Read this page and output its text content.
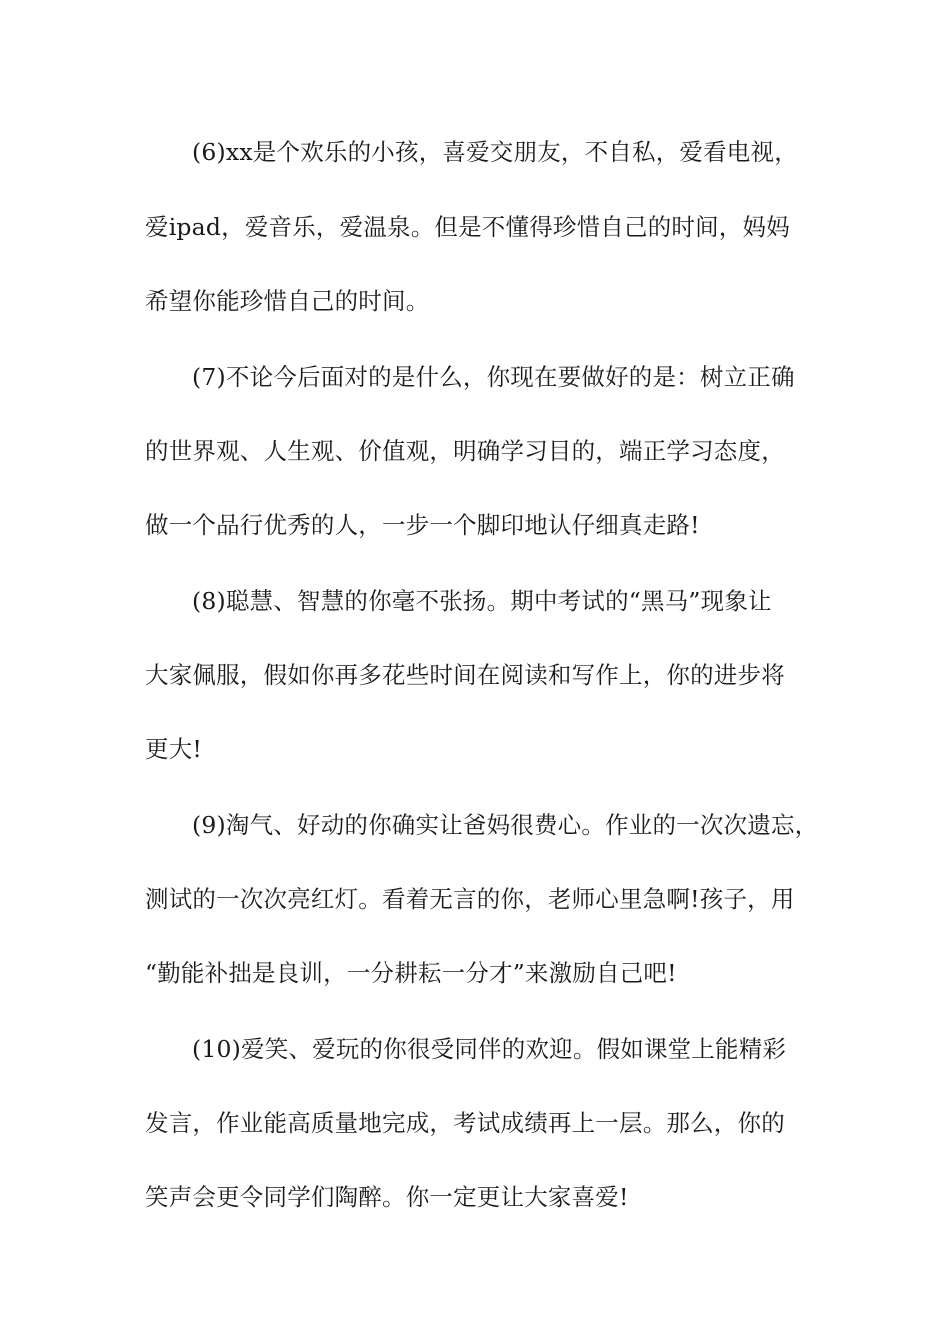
(6)xx是个欢乐的小孩，喜爱交朋友，不自私，爱看电视，

爱ipad，爱音乐，爱温泉。但是不懂得珍惜自己的时间，妈妈

希望你能珍惜自己的时间。

(7)不论今后面对的是什么，你现在要做好的是：树立正确

的世界观、人生观、价值观，明确学习目的，端正学习态度，

做一个品行优秀的人，一步一个脚印地认仔细真走路!

(8)聪慧、智慧的你毫不张扬。期中考试的“黑马”现象让

大家佩服，假如你再多花些时间在阅读和写作上，你的进步将

更大!

(9)淘气、好动的你确实让爸妈很费心。作业的一次次遗忘，

测试的一次次亮红灯。看着无言的你，老师心里急啊!孩子，用

“勤能补拙是良训，一分耕耘一分才”来激励自己吧!

(10)爱笑、爱玩的你很受同伴的欢迎。假如课堂上能精彩

发言，作业能高质量地完成，考试成绩再上一层。那么，你的

笑声会更令同学们陶醉。你一定更让大家喜爱!
